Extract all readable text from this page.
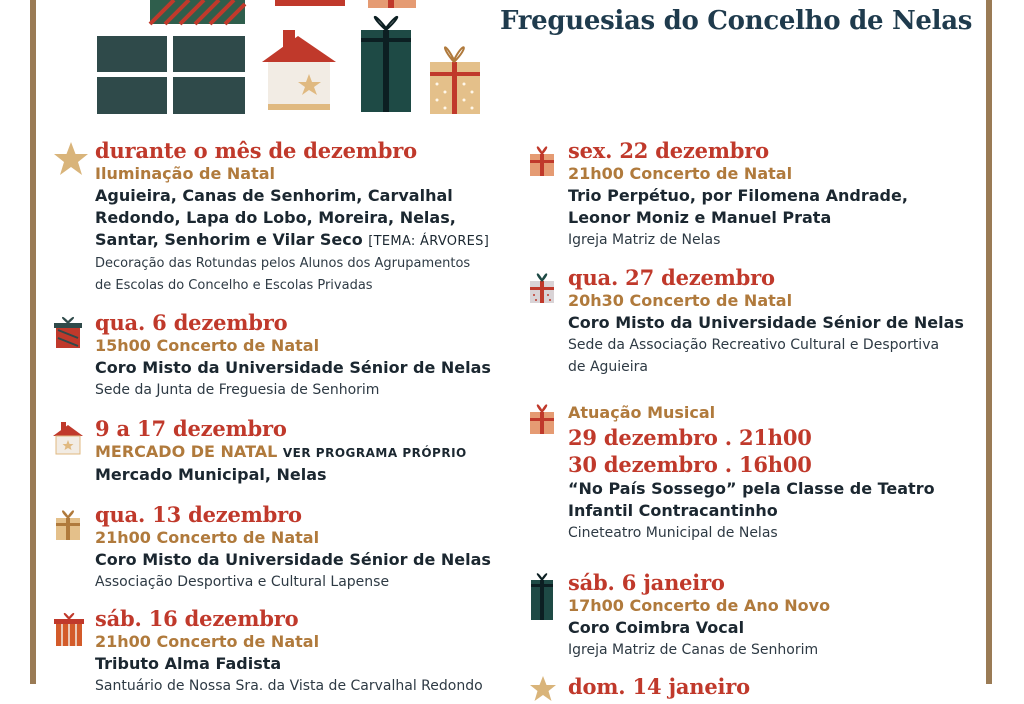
Freguesias do Concelho de Nelas
durante o mês de dezembro
Iluminação de Natal
Aguieira, Canas de Senhorim, Carvalhal
Redondo, Lapa do Lobo, Moreira, Nelas,
Santar, Senhorim e Vilar Seco [TEMA: ÁRVORES]
Decoração das Rotundas pelos Alunos dos Agrupamentos
de Escolas do Concelho e Escolas Privadas
qua. 6 dezembro
15h00 Concerto de Natal
Coro Misto da Universidade Sénior de Nelas
Sede da Junta de Freguesia de Senhorim
9 a 17 dezembro
MERCADO DE NATAL VER PROGRAMA PRÓPRIO
Mercado Municipal, Nelas
qua. 13 dezembro
21h00 Concerto de Natal
Coro Misto da Universidade Sénior de Nelas
Associação Desportiva e Cultural Lapense
sáb. 16 dezembro
21h00 Concerto de Natal
Tributo Alma Fadista
Santuário de Nossa Sra. da Vista de Carvalhal Redondo
sex. 22 dezembro
21h00 Concerto de Natal
Trio Perpétuo, por Filomena Andrade,
Leonor Moniz e Manuel Prata
Igreja Matriz de Nelas
qua. 27 dezembro
20h30 Concerto de Natal
Coro Misto da Universidade Sénior de Nelas
Sede da Associação Recreativo Cultural e Desportiva
de Aguieira
Atuação Musical
29 dezembro . 21h00
30 dezembro . 16h00
“No País Sossego” pela Classe de Teatro
Infantil Contracantinho
Cineteatro Municipal de Nelas
sáb. 6 janeiro
17h00 Concerto de Ano Novo
Coro Coimbra Vocal
Igreja Matriz de Canas de Senhorim
dom. 14 janeiro
